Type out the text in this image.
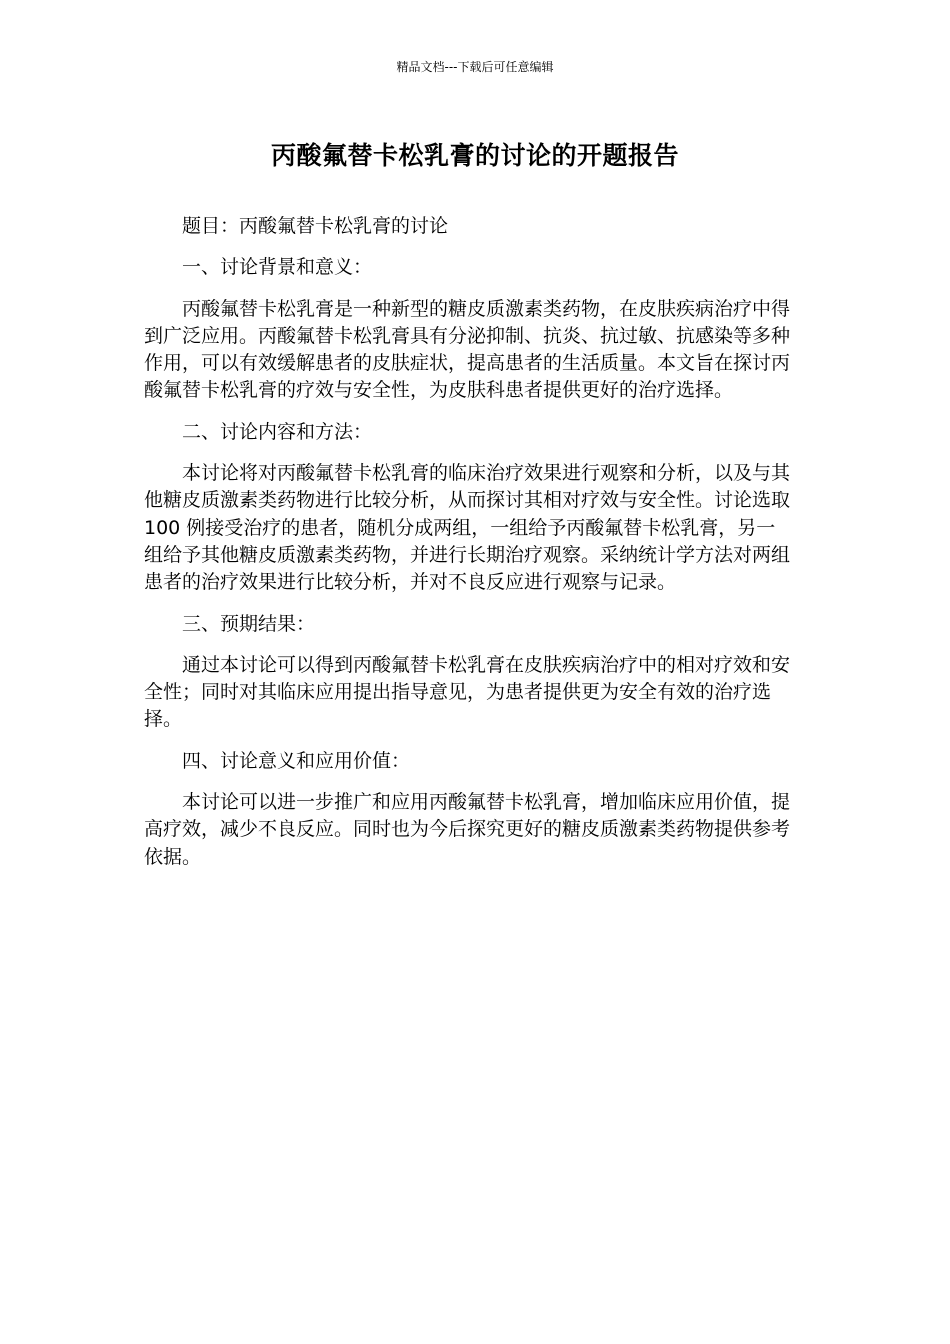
精品文档---下载后可任意编辑
丙酸氟替卡松乳膏的讨论的开题报告

题目：丙酸氟替卡松乳膏的讨论

一、讨论背景和意义：

丙酸氟替卡松乳膏是一种新型的糖皮质激素类药物，在皮肤疾病治疗中得到广泛应用。丙酸氟替卡松乳膏具有分泌抑制、抗炎、抗过敏、抗感染等多种作用，可以有效缓解患者的皮肤症状，提高患者的生活质量。本文旨在探讨丙酸氟替卡松乳膏的疗效与安全性，为皮肤科患者提供更好的治疗选择。

二、讨论内容和方法：

本讨论将对丙酸氟替卡松乳膏的临床治疗效果进行观察和分析，以及与其他糖皮质激素类药物进行比较分析，从而探讨其相对疗效与安全性。讨论选取 100 例接受治疗的患者，随机分成两组，一组给予丙酸氟替卡松乳膏，另一组给予其他糖皮质激素类药物，并进行长期治疗观察。采纳统计学方法对两组患者的治疗效果进行比较分析，并对不良反应进行观察与记录。

三、预期结果：

通过本讨论可以得到丙酸氟替卡松乳膏在皮肤疾病治疗中的相对疗效和安全性；同时对其临床应用提出指导意见，为患者提供更为安全有效的治疗选择。

四、讨论意义和应用价值：

本讨论可以进一步推广和应用丙酸氟替卡松乳膏，增加临床应用价值，提高疗效，减少不良反应。同时也为今后探究更好的糖皮质激素类药物提供参考依据。
